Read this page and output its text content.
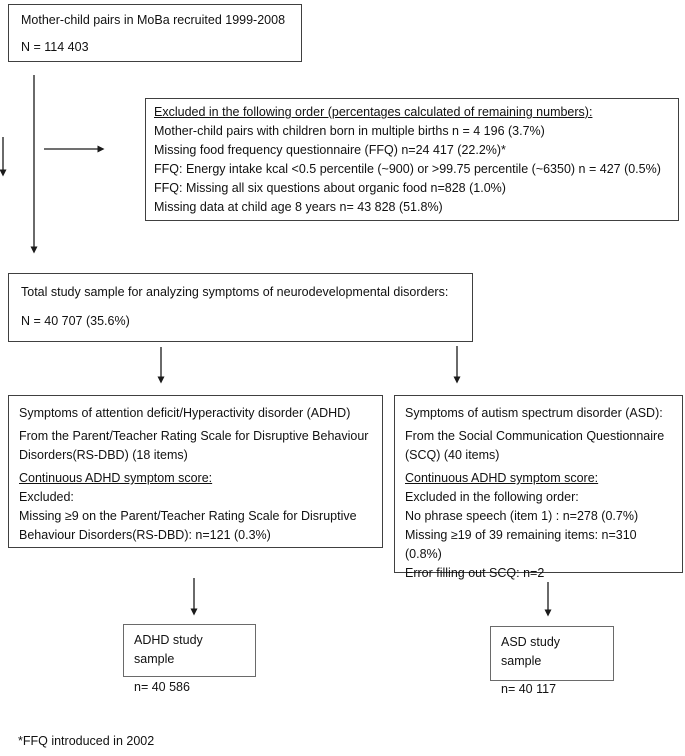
Mother-child pairs in MoBa recruited 1999-2008
N = 114 403
Excluded in the following order (percentages calculated of remaining numbers):
Mother-child pairs with children born in multiple births n = 4 196 (3.7%)
Missing food frequency questionnaire (FFQ) n=24 417 (22.2%)*
FFQ: Energy intake kcal <0.5 percentile (~900) or >99.75 percentile (~6350) n = 427 (0.5%)
FFQ: Missing all six questions about organic food n=828 (1.0%)
Missing data at child age 8 years n= 43 828 (51.8%)
Total study sample for analyzing symptoms of neurodevelopmental disorders:
N = 40 707 (35.6%)
Symptoms of attention deficit/Hyperactivity disorder (ADHD)
From the Parent/Teacher Rating Scale for Disruptive Behaviour Disorders(RS-DBD) (18 items)
Continuous ADHD symptom score:
Excluded:
Missing ≥9 on the Parent/Teacher Rating Scale for Disruptive Behaviour Disorders(RS-DBD): n=121 (0.3%)
Symptoms of autism spectrum disorder (ASD):
From the Social Communication Questionnaire (SCQ) (40 items)
Continuous ADHD symptom score:
Excluded in the following order:
No phrase speech (item 1) : n=278 (0.7%)
Missing ≥19 of 39 remaining items: n=310 (0.8%)
Error filling out SCQ: n=2
ADHD study sample
n= 40 586
ASD study sample
n= 40 117
*FFQ introduced in 2002
